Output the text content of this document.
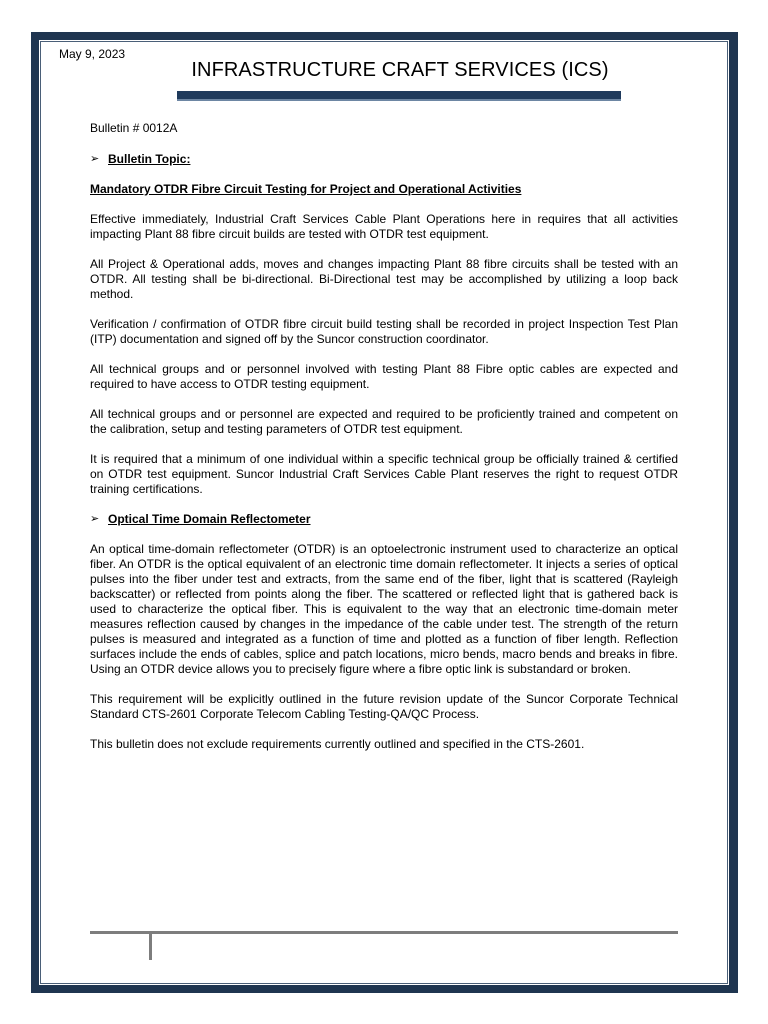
May 9, 2023

INFRASTRUCTURE CRAFT SERVICES (ICS)

Bulletin # 0012A

➢ Bulletin Topic:

Mandatory OTDR Fibre Circuit Testing for Project and Operational Activities

Effective immediately, Industrial Craft Services Cable Plant Operations here in requires that all activities impacting Plant 88 fibre circuit builds are tested with OTDR test equipment.

All Project & Operational adds, moves and changes impacting Plant 88 fibre circuits shall be tested with an OTDR. All testing shall be bi-directional. Bi-Directional test may be accomplished by utilizing a loop back method.

Verification / confirmation of OTDR fibre circuit build testing shall be recorded in project Inspection Test Plan (ITP) documentation and signed off by the Suncor construction coordinator.

All technical groups and or personnel involved with testing Plant 88 Fibre optic cables are expected and required to have access to OTDR testing equipment.

All technical groups and or personnel are expected and required to be proficiently trained and competent on the calibration, setup and testing parameters of OTDR test equipment.

It is required that a minimum of one individual within a specific technical group be officially trained & certified on OTDR test equipment. Suncor Industrial Craft Services Cable Plant reserves the right to request OTDR training certifications.

➢ Optical Time Domain Reflectometer

An optical time-domain reflectometer (OTDR) is an optoelectronic instrument used to characterize an optical fiber. An OTDR is the optical equivalent of an electronic time domain reflectometer. It injects a series of optical pulses into the fiber under test and extracts, from the same end of the fiber, light that is scattered (Rayleigh backscatter) or reflected from points along the fiber. The scattered or reflected light that is gathered back is used to characterize the optical fiber. This is equivalent to the way that an electronic time-domain meter measures reflection caused by changes in the impedance of the cable under test. The strength of the return pulses is measured and integrated as a function of time and plotted as a function of fiber length. Reflection surfaces include the ends of cables, splice and patch locations, micro bends, macro bends and breaks in fibre. Using an OTDR device allows you to precisely figure where a fibre optic link is substandard or broken.

This requirement will be explicitly outlined in the future revision update of the Suncor Corporate Technical Standard CTS-2601 Corporate Telecom Cabling Testing-QA/QC Process.

This bulletin does not exclude requirements currently outlined and specified in the CTS-2601.
